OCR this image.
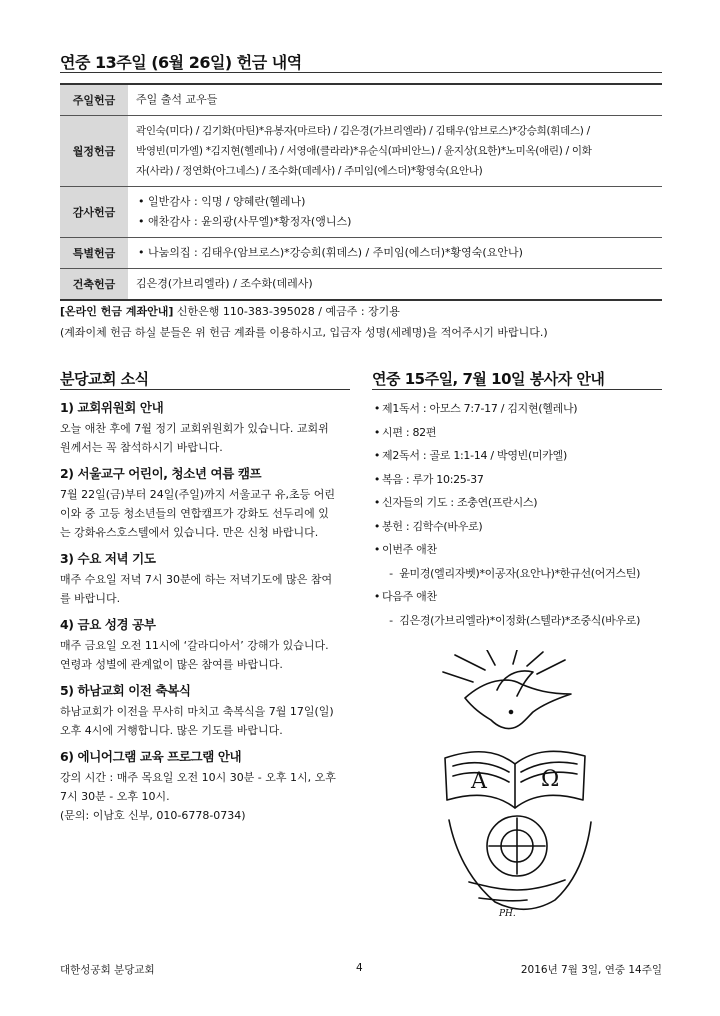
연중 13주일 (6월 26일) 헌금 내역
주일헌금	주일 출석 교우들

월정헌금	곽인숙(미다) / 김기화(마틴)*유봉자(마르타) / 김은경(가브리엘라) / 김태우(암브로스)*강승희(휘데스) /
박영빈(미가엘) *김지현(헬레나) / 서영애(클라라)*유순식(파비안느) / 윤지상(요한)*노미옥(애린) / 이화
자(사라) / 정연화(아그네스) / 조수화(데레사) / 주미임(에스더)*황영숙(요안나)

감사헌금	• 일반감사 : 익명 / 양혜란(헬레나)
• 애찬감사 : 윤의광(사무엘)*황정자(앵니스)

특별헌금	• 나눔의집 : 김태우(암브로스)*강승희(휘데스) / 주미임(에스더)*황영숙(요안나)

건축헌금	김은경(가브리엘라) / 조수화(데레사)
[온라인 헌금 계좌안내] 신한은행 110-383-395028 / 예금주 : 장기용
(계좌이체 헌금 하실 분들은 위 헌금 계좌를 이용하시고, 입금자 성명(세례명)을 적어주시기 바랍니다.)
분당교회 소식
1) 교회위원회 안내
오늘 애찬 후에 7월 정기 교회위원회가 있습니다. 교회위
원께서는 꼭 참석하시기 바랍니다.
2) 서울교구 어린이, 청소년 여름 캠프
7월 22일(금)부터 24일(주일)까지 서울교구 유,초등 어린
이와 중 고등 청소년들의 연합캠프가 강화도 선두리에 있
는 강화유스호스텔에서 있습니다. 만은 신청 바랍니다.
3) 수요 저녁 기도
매주 수요일 저녁 7시 30분에 하는 저녁기도에 많은 참여
를 바랍니다.
4) 금요 성경 공부
매주 금요일 오전 11시에 ‘갈라디아서’ 강해가 있습니다.
연령과 성별에 관계없이 많은 참여를 바랍니다.
5) 하남교회 이전 축복식
하남교회가 이전을 무사히 마치고 축복식을 7월 17일(일)
오후 4시에 거행합니다. 많은 기도를 바랍니다.
6) 에니어그램 교육 프로그램 안내
강의 시간 : 매주 목요일 오전 10시 30분 - 오후 1시, 오후
7시 30분 - 오후 10시.
(문의: 이남호 신부, 010-6778-0734)
연중 15주일, 7월 10일 봉사자 안내
• 제1독서 : 아모스 7:7-17 / 김지현(헬레나)
• 시편 : 82편
• 제2독서 : 골로 1:1-14 / 박영빈(미카엘)
• 복음 : 루가 10:25-37
• 신자들의 기도 : 조충연(프란시스)
• 봉헌 : 김학수(바우로)
• 이번주 애찬
- 윤미경(엘리자벳)*이공자(요안나)*한규선(어거스틴)
• 다음주 애찬
- 김은경(가브리엘라)*이정화(스텔라)*조중식(바우로)
A Ω
PH.
대한성공회 분당교회	4	2016년 7월 3일, 연중 14주일
